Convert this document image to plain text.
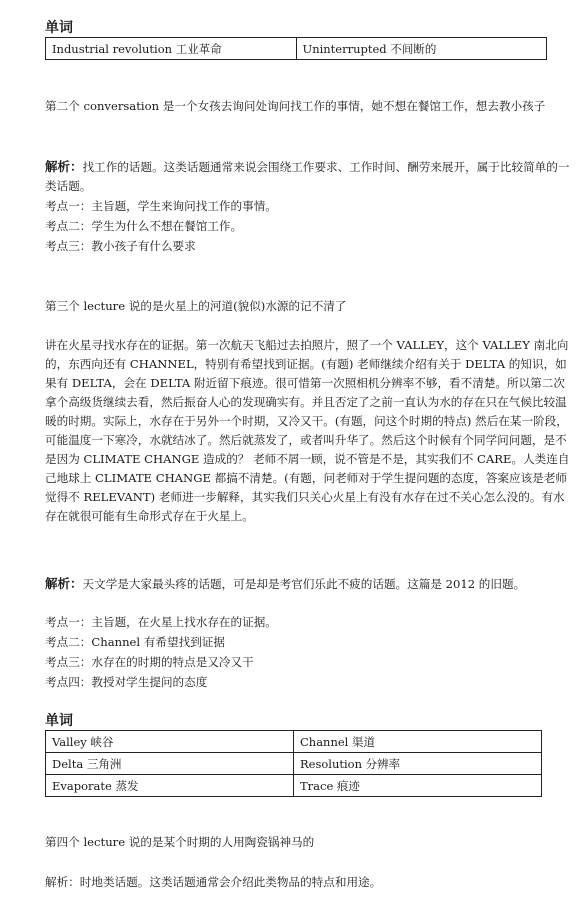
单词
Industrial revolution 工业革命	Uninterrupted 不间断的

第二个 conversation 是一个女孩去询问处询问找工作的事情，她不想在餐馆工作，想去教小孩子

解析：找工作的话题。这类话题通常来说会围绕工作要求、工作时间、酬劳来展开，属于比较简单的一类话题。

考点一：主旨题，学生来询问找工作的事情。
考点二：学生为什么不想在餐馆工作。
考点三：教小孩子有什么要求

第三个 lecture 说的是火星上的河道(貌似)水源的记不清了

讲在火星寻找水存在的证据。第一次航天飞船过去拍照片，照了一个 VALLEY，这个 VALLEY 南北向的，东西向还有 CHANNEL，特别有希望找到证据。(有题) 老师继续介绍有关于 DELTA 的知识，如果有 DELTA，会在 DELTA 附近留下痕迹。很可惜第一次照相机分辨率不够，看不清楚。所以第二次拿个高级货继续去看，然后振奋人心的发现确实有。并且否定了之前一直认为水的存在只在气候比较温暖的时期。实际上，水存在于另外一个时期，又冷又干。(有题，问这个时期的特点) 然后在某一阶段，可能温度一下寒冷，水就结冰了。然后就蒸发了，或者叫升华了。然后这个时候有个同学问问题，是不是因为 CLIMATE CHANGE 造成的？ 老师不屑一顾，说不管是不是，其实我们不 CARE。人类连自己地球上 CLIMATE CHANGE 都搞不清楚。(有题，问老师对于学生提问题的态度，答案应该是老师觉得不 RELEVANT) 老师进一步解释，其实我们只关心火星上有没有水存在过不关心怎么没的。有水存在就很可能有生命形式存在于火星上。

解析：天文学是大家最头疼的话题，可是却是考官们乐此不疲的话题。这篇是 2012 的旧题。

考点一：主旨题，在火星上找水存在的证据。
考点二：Channel 有希望找到证据
考点三：水存在的时期的特点是又冷又干
考点四：教授对学生提问的态度
单词
Valley 峡谷	Channel 渠道
Delta 三角洲	Resolution 分辨率
Evaporate 蒸发	Trace 痕迹
第四个 lecture 说的是某个时期的人用陶瓷锅神马的
解析：时地类话题。这类话题通常会介绍此类物品的特点和用途。
